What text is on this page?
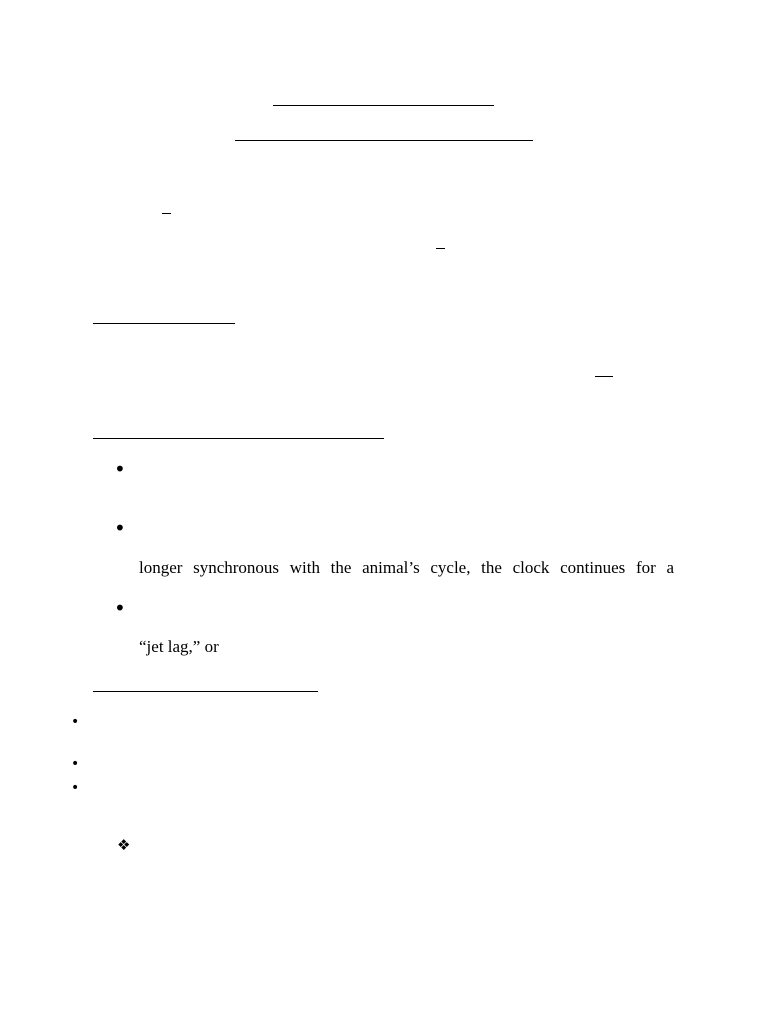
•
•
longer synchronous with the animal’s cycle, the clock continues for a
•
“jet lag,” or
•
•
•
❖
